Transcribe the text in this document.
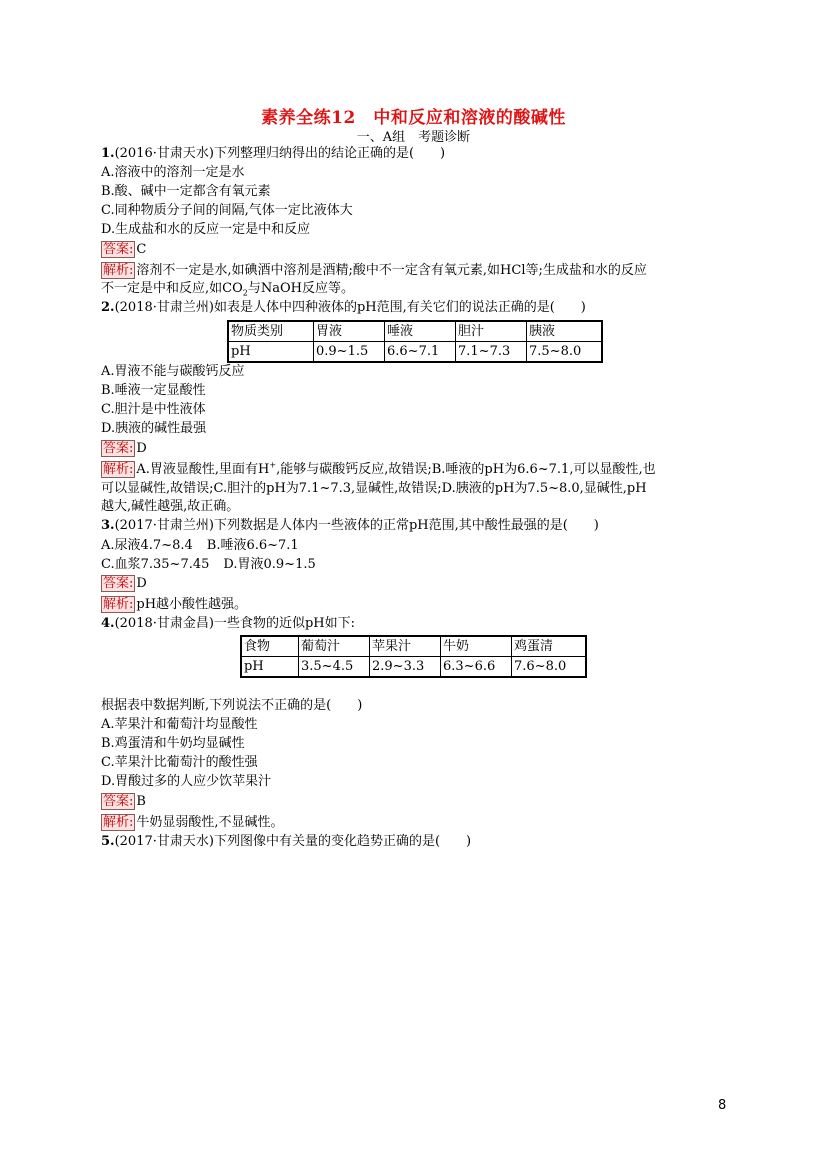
素养全练12　中和反应和溶液的酸碱性
一、A组　考题诊断
1.(2016·甘肃天水)下列整理归纳得出的结论正确的是(　　)
A.溶液中的溶剂一定是水
B.酸、碱中一定都含有氧元素
C.同种物质分子间的间隔,气体一定比液体大
D.生成盐和水的反应一定是中和反应
答案: C
解析: 溶剂不一定是水,如碘酒中溶剂是酒精;酸中不一定含有氧元素,如HCl等;生成盐和水的反应
不一定是中和反应,如$CO_2$与NaOH反应等。
2.(2018·甘肃兰州)如表是人体中四种液体的pH范围,有关它们的说法正确的是(　　)
物质类别	胃液	唾液	胆汁	胰液
pH	0.9~1.5	6.6~7.1	7.1~7.3	7.5~8.0
A.胃液不能与碳酸钙反应
B.唾液一定显酸性
C.胆汁是中性液体
D.胰液的碱性最强
答案: D
解析: A.胃液显酸性,里面有H+,能够与碳酸钙反应,故错误;B.唾液的pH为6.6~7.1,可以显酸性,也
可以显碱性,故错误;C.胆汁的pH为7.1~7.3,显碱性,故错误;D.胰液的pH为7.5~8.0,显碱性,pH
越大,碱性越强,故正确。
3.(2017·甘肃兰州)下列数据是人体内一些液体的正常pH范围,其中酸性最强的是(　　)
A.尿液4.7~8.4 B.唾液6.6~7.1
C.血浆7.35~7.45 D.胃液0.9~1.5
答案: D
解析: pH越小酸性越强。
4.(2018·甘肃金昌)一些食物的近似pH如下:
食物	葡萄汁	苹果汁	牛奶	鸡蛋清
pH	3.5~4.5	2.9~3.3	6.3~6.6	7.6~8.0
根据表中数据判断,下列说法不正确的是(　　)
A.苹果汁和葡萄汁均显酸性
B.鸡蛋清和牛奶均显碱性
C.苹果汁比葡萄汁的酸性强
D.胃酸过多的人应少饮苹果汁
答案: B
解析: 牛奶显弱酸性,不显碱性。
5.(2017·甘肃天水)下列图像中有关量的变化趋势正确的是(　　)
8
